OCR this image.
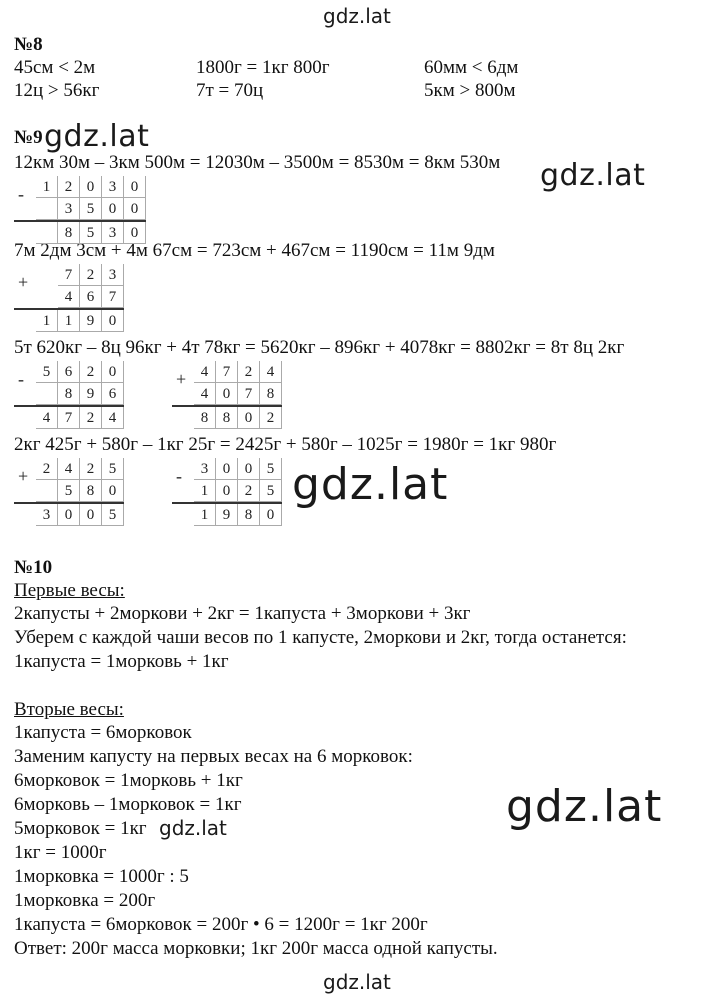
gdz.lat
gdz.lat
gdz.lat
gdz.lat
gdz.lat
gdz.lat
gdz.lat
№8
45см < 2м	1800г = 1кг 800г	60мм < 6дм
12ц > 56кг	7т = 70ц	5км > 800м
№9
12км 30м – 3км 500м = 12030м – 3500м = 8530м = 8км 530м
7м 2дм 3см + 4м 67см = 723см + 467см = 1190см = 11м 9дм
5т 620кг – 8ц 96кг + 4т 78кг = 5620кг – 896кг + 4078кг = 8802кг = 8т 8ц 2кг
2кг 425г + 580г – 1кг 25г = 2425г + 580г – 1025г = 1980г = 1кг 980г
-	1 2 0 3 0
3 5 0 0
8 5 3 0
+	7 2 3
4 6 7
1 1 9 0
-	5 6 2 0
8 9 6
4 7 2 4
+ 4 7 2 4
4 0 7 8
8 8 0 2
+ 2 4 2 5
5 8 0
3 0 0 5
-	3 0 0 5
1 0 2 5
1 9 8 0
№10
Первые весы:
2капусты + 2моркови + 2кг = 1капуста + 3моркови + 3кг
Уберем с каждой чаши весов по 1 капусте, 2моркови и 2кг, тогда останется:
1капуста = 1морковь + 1кг
Вторые весы:
1капуста = 6морковок
Заменим капусту на первых весах на 6 морковок:
6морковок = 1морковь + 1кг
6морковь – 1морковок = 1кг
5морковок = 1кг
1кг = 1000г
1морковка = 1000г : 5
1морковка = 200г
1капуста = 6морковок = 200г • 6 = 1200г = 1кг 200г
Ответ: 200г масса морковки; 1кг 200г масса одной капусты.
